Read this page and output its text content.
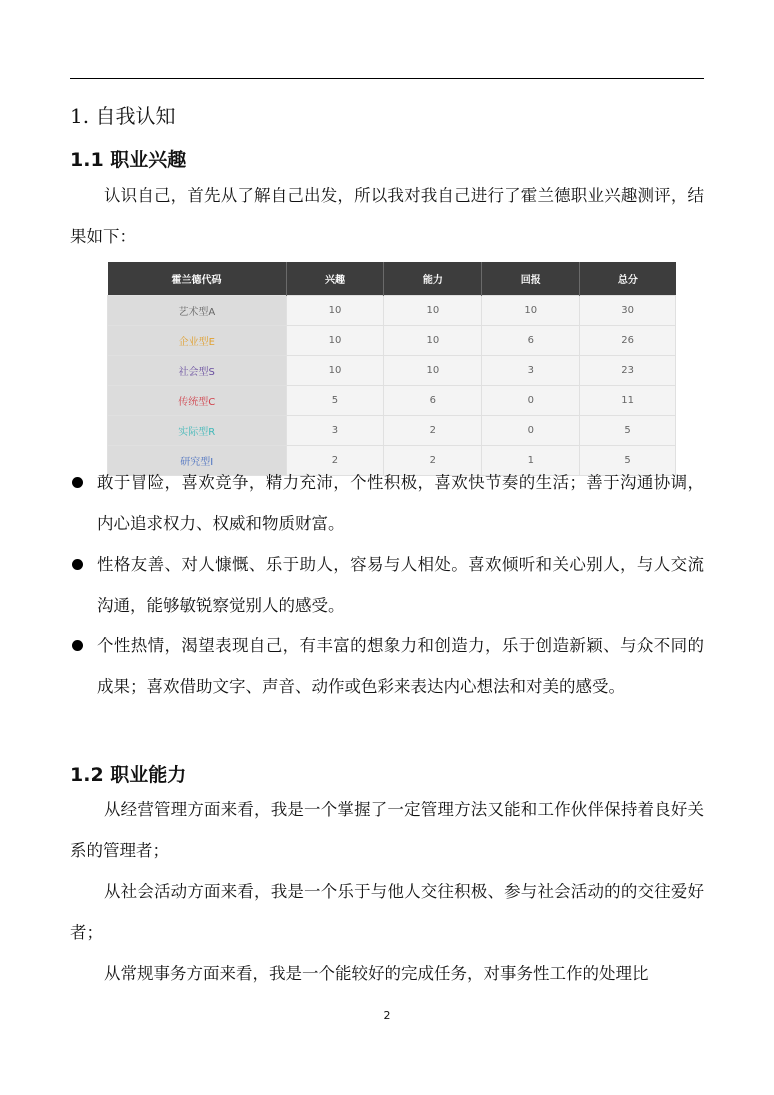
1. 自我认知
1.1 职业兴趣
认识自己，首先从了解自己出发，所以我对我自己进行了霍兰德职业兴趣测评，结果如下：
霍兰德代码	兴趣	能力	回报	总分
艺术型A	10	10	10	30
企业型E	10	10	6	26
社会型S	10	10	3	23
传统型C	5	6	0	11
实际型R	3	2	0	5
研究型I	2	2	1	5
敢于冒险，喜欢竞争，精力充沛，个性积极，喜欢快节奏的生活；善于沟通协调，内心追求权力、权威和物质财富。
性格友善、对人慷慨、乐于助人，容易与人相处。喜欢倾听和关心别人，与人交流沟通，能够敏锐察觉别人的感受。
个性热情，渴望表现自己，有丰富的想象力和创造力，乐于创造新颖、与众不同的成果；喜欢借助文字、声音、动作或色彩来表达内心想法和对美的感受。
1.2 职业能力
从经营管理方面来看，我是一个掌握了一定管理方法又能和工作伙伴保持着良好关系的管理者；
从社会活动方面来看，我是一个乐于与他人交往积极、参与社会活动的的交往爱好者；
从常规事务方面来看，我是一个能较好的完成任务，对事务性工作的处理比
2
